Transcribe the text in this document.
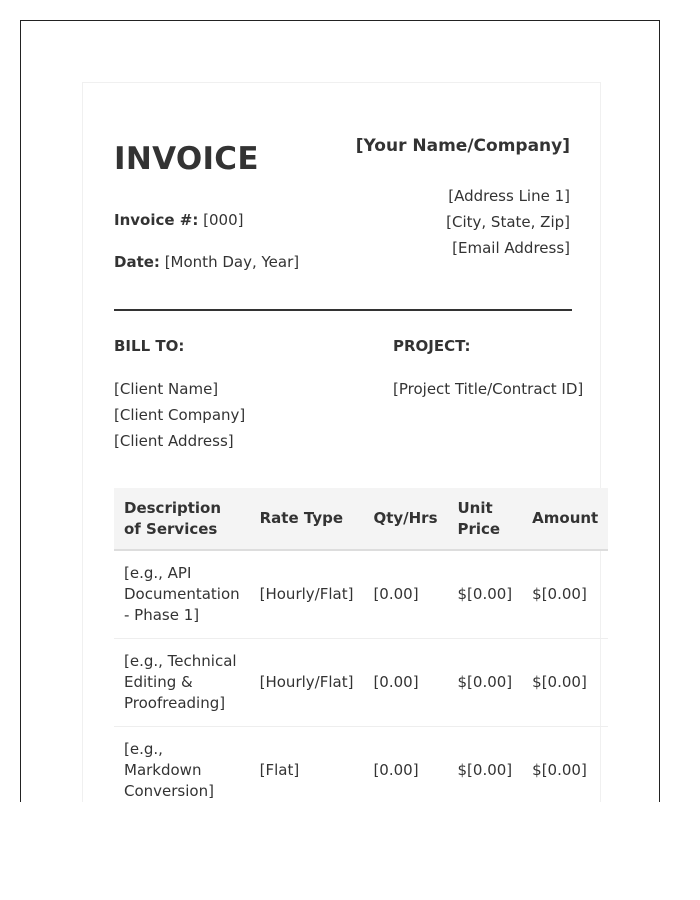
INVOICE	[Your Name/Company]
[Address Line 1]
[City, State, Zip]
[Email Address]
Invoice #: [000]
Date: [Month Day, Year]
BILL TO:	PROJECT:
[Client Name]
[Client Company]
[Client Address]
[Project Title/Contract ID]
Description of Services	Rate Type	Qty/Hrs	Unit Price	Amount
[e.g., API Documentation - Phase 1]	[Hourly/Flat]	[0.00]	$[0.00]	$[0.00]
[e.g., Technical Editing & Proofreading]	[Hourly/Flat]	[0.00]	$[0.00]	$[0.00]
[e.g., Markdown Conversion]	[Flat]	[0.00]	$[0.00]	$[0.00]
